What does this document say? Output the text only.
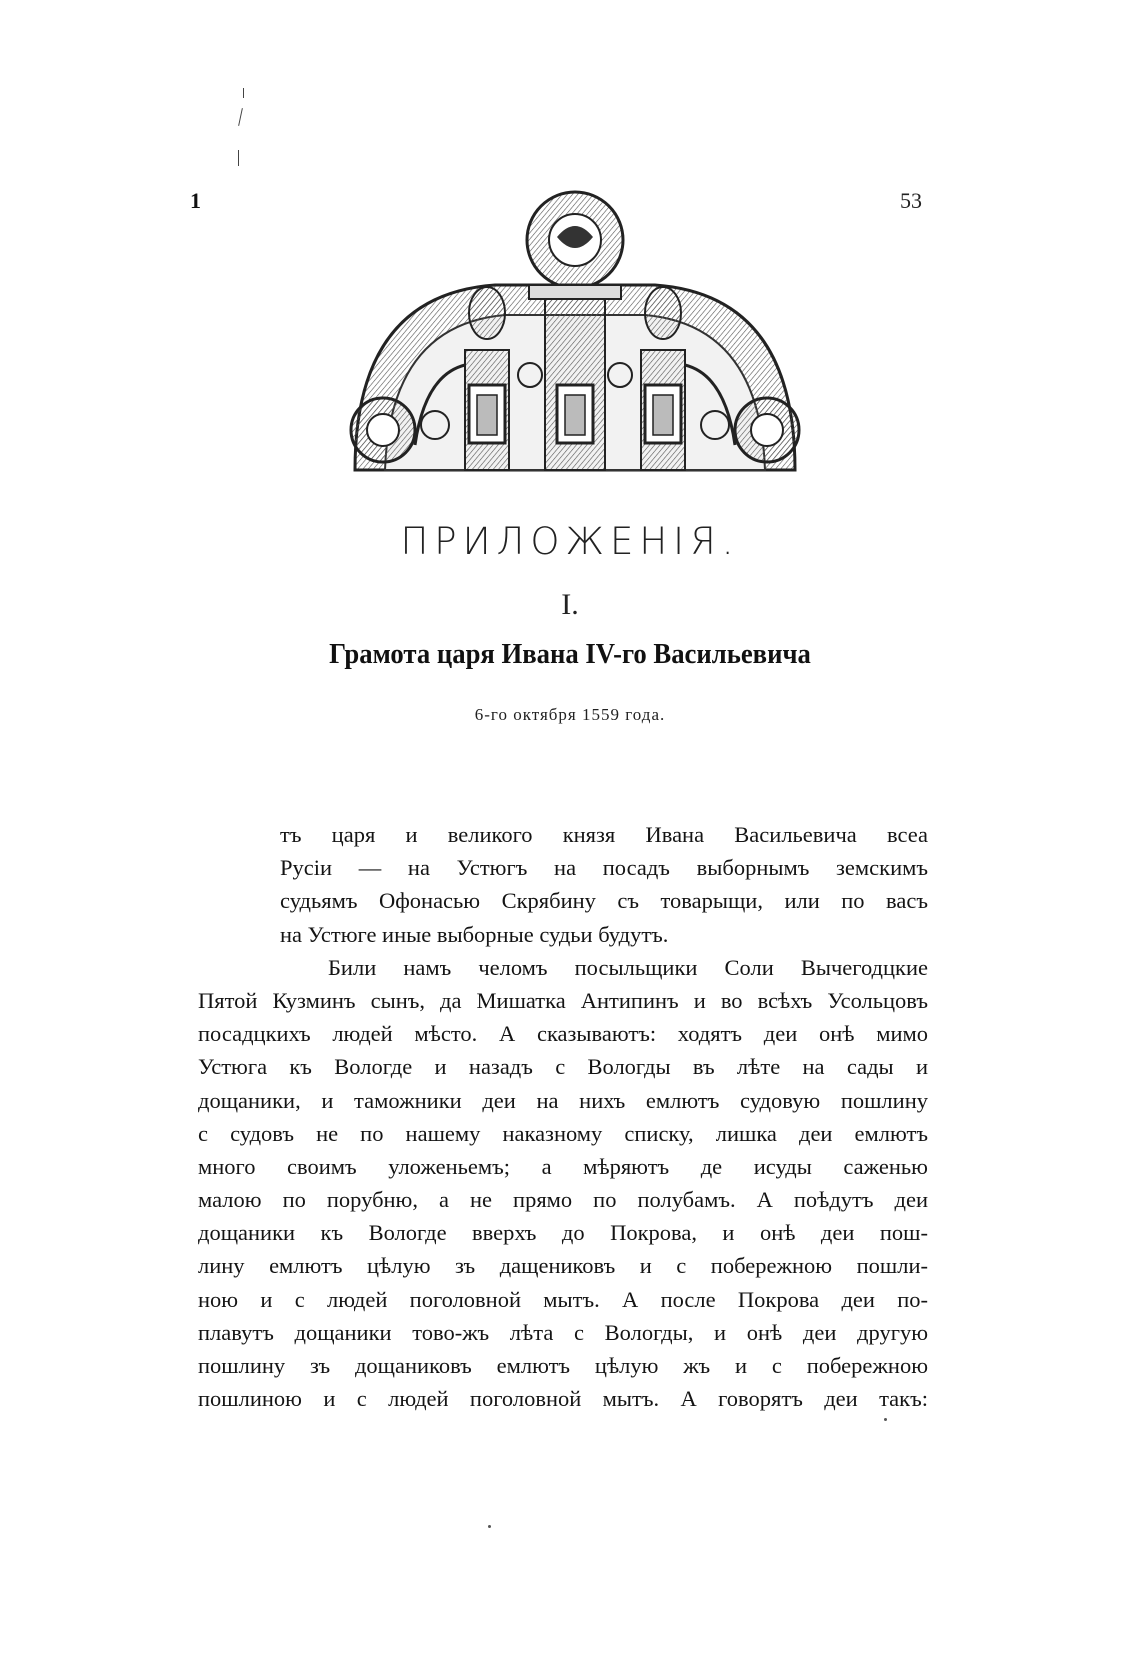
1	53
ПРИЛОЖЕНІЯ.
I.
Грамота царя Ивана IV-го Васильевича
6-го октября 1559 года.
тъ царя и великого князя Ивана Васильевича всеа
Русіи — на Устюгъ на посадъ выборнымъ земскимъ
судьямъ Офонасью Скрябину съ товарыщи, или по васъ
на Устюге иные выборные судьи будутъ.
Били намъ челомъ посыльщики Соли Вычегодцкие
Пятой Кузминъ сынъ, да Мишатка Антипинъ и во всѣхъ Усольцовъ
посадцкихъ людей мѣсто. А сказываютъ: ходятъ деи онѣ мимо
Устюга къ Вологде и назадъ с Вологды въ лѣте на сады и
дощаники, и таможники деи на нихъ емлютъ судовую пошлину
с судовъ не по нашему наказному списку, лишка деи емлютъ
много своимъ уложеньемъ; а мѣряютъ де исуды саженью
малою по порубню, а не прямо по полубамъ. А поѣдутъ деи
дощаники къ Вологде вверхъ до Покрова, и онѣ деи пош-
лину емлютъ цѣлую зъ дащениковъ и с побережною пошли-
ною и с людей поголовной мытъ. А после Покрова деи по-
плавутъ дощаники тово-жъ лѣта с Вологды, и онѣ деи другую
пошлину зъ дощаниковъ емлютъ цѣлую жъ и с побережною
пошлиною и с людей поголовной мытъ. А говорятъ деи такъ:
